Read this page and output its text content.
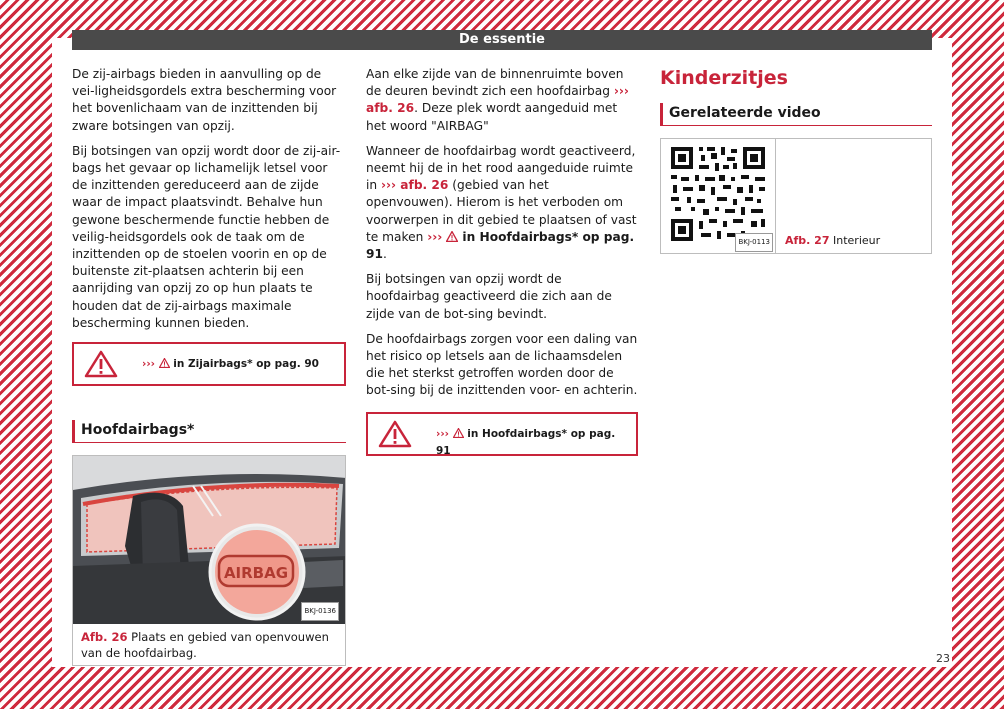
De essentie

De zij-airbags bieden in aanvulling op de vei-ligheidsgordels extra bescherming voor het bovenlichaam van de inzittenden bij zware botsingen van opzij.

Bij botsingen van opzij wordt door de zij-air-bags het gevaar op lichamelijk letsel voor de inzittenden gereduceerd aan de zijde waar de impact plaatsvindt. Behalve hun gewone beschermende functie hebben de veilig-heidsgordels ook de taak om de inzittenden op de stoelen voorin en op de buitenste zit-plaatsen achterin bij een aanrijding van opzij zo op hun plaats te houden dat de zij-airbags maximale bescherming kunnen bieden.

››› in Zijairbags* op pag. 90
Hoofdairbags*
AIRBAG
BKJ-0136
Afb. 26 Plaats en gebied van openvouwen van de hoofdairbag.

Aan elke zijde van de binnenruimte boven de deuren bevindt zich een hoofdairbag ››› afb. 26. Deze plek wordt aangeduid met het woord "AIRBAG"

Wanneer de hoofdairbag wordt geactiveerd, neemt hij de in het rood aangeduide ruimte in ››› afb. 26 (gebied van het openvouwen). Hierom is het verboden om voorwerpen in dit gebied te plaatsen of vast te maken ›››  in Hoofdairbags* op pag. 91.

Bij botsingen van opzij wordt de hoofdairbag geactiveerd die zich aan de zijde van de bot-sing bevindt.

De hoofdairbags zorgen voor een daling van het risico op letsels aan de lichaamsdelen die het sterkst getroffen worden door de bot-sing bij de inzittenden voor- en achterin.

››› in Hoofdairbags* op pag. 91
Kinderzitjes
Gerelateerde video
BKJ-0113 Afb. 27 Interieur
23
